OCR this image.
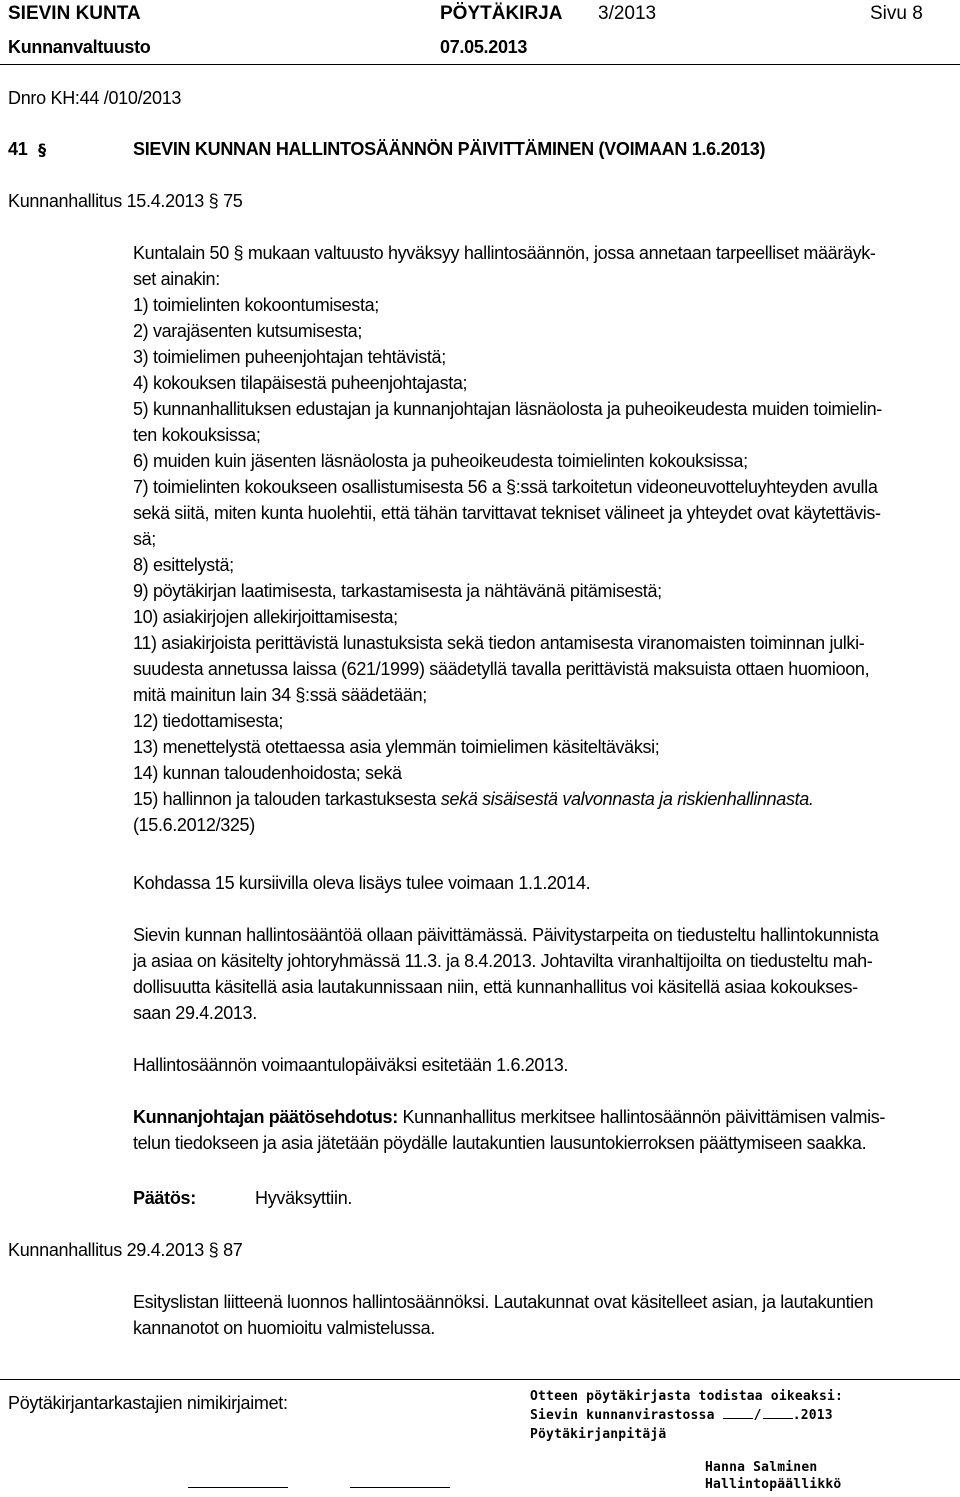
SIEVIN KUNTA	PÖYTÄKIRJA 3/2013	Sivu 8
Kunnanvaltuusto	07.05.2013
Dnro KH:44 /010/2013
41 §	SIEVIN KUNNAN HALLINTOSÄÄNNÖN PÄIVITTÄMINEN (VOIMAAN 1.6.2013)
Kunnanhallitus 15.4.2013 § 75

Kuntalain 50 § mukaan valtuusto hyväksyy hallintosäännön, jossa annetaan tarpeelliset määräyk-

set ainakin:

1) toimielinten kokoontumisesta;

2) varajäsenten kutsumisesta;

3) toimielimen puheenjohtajan tehtävistä;

4) kokouksen tilapäisestä puheenjohtajasta;

5) kunnanhallituksen edustajan ja kunnanjohtajan läsnäolosta ja puheoikeudesta muiden toimielin-

ten kokouksissa;

6) muiden kuin jäsenten läsnäolosta ja puheoikeudesta toimielinten kokouksissa;

7) toimielinten kokoukseen osallistumisesta 56 a §:ssä tarkoitetun videoneuvotteluyhteyden avulla

sekä siitä, miten kunta huolehtii, että tähän tarvittavat tekniset välineet ja yhteydet ovat käytettävis-

sä;

8) esittelystä;

9) pöytäkirjan laatimisesta, tarkastamisesta ja nähtävänä pitämisestä;

10) asiakirjojen allekirjoittamisesta;

11) asiakirjoista perittävistä lunastuksista sekä tiedon antamisesta viranomaisten toiminnan julki-

suudesta annetussa laissa (621/1999) säädetyllä tavalla perittävistä maksuista ottaen huomioon,

mitä mainitun lain 34 §:ssä säädetään;

12) tiedottamisesta;

13) menettelystä otettaessa asia ylemmän toimielimen käsiteltäväksi;

14) kunnan taloudenhoidosta; sekä

15) hallinnon ja talouden tarkastuksesta sekä sisäisestä valvonnasta ja riskienhallinnasta.

(15.6.2012/325)

Kohdassa 15 kursiivilla oleva lisäys tulee voimaan 1.1.2014.
Sievin kunnan hallintosääntöä ollaan päivittämässä. Päivitystarpeita on tiedusteltu hallintokunnista
ja asiaa on käsitelty johtoryhmässä 11.3. ja 8.4.2013. Johtavilta viranhaltijoilta on tiedusteltu mah-
dollisuutta käsitellä asia lautakunnissaan niin, että kunnanhallitus voi käsitellä asiaa kokoukses-
saan 29.4.2013.
Hallintosäännön voimaantulopäiväksi esitetään 1.6.2013.
Kunnanjohtajan päätösehdotus: Kunnanhallitus merkitsee hallintosäännön päivittämisen valmis-
telun tiedokseen ja asia jätetään pöydälle lautakuntien lausuntokierroksen päättymiseen saakka.
Päätös:	Hyväksyttiin.
Kunnanhallitus 29.4.2013 § 87
Esityslistan liitteenä luonnos hallintosäännöksi. Lautakunnat ovat käsitelleet asian, ja lautakuntien
kannanotot on huomioitu valmistelussa.
Pöytäkirjantarkastajien nimikirjaimet:	Otteen pöytäkirjasta todistaa oikeaksi:
Sievin kunnanvirastossa	/ .2013
Pöytäkirjanpitäjä
Hanna Salminen
Hallintopäällikkö
